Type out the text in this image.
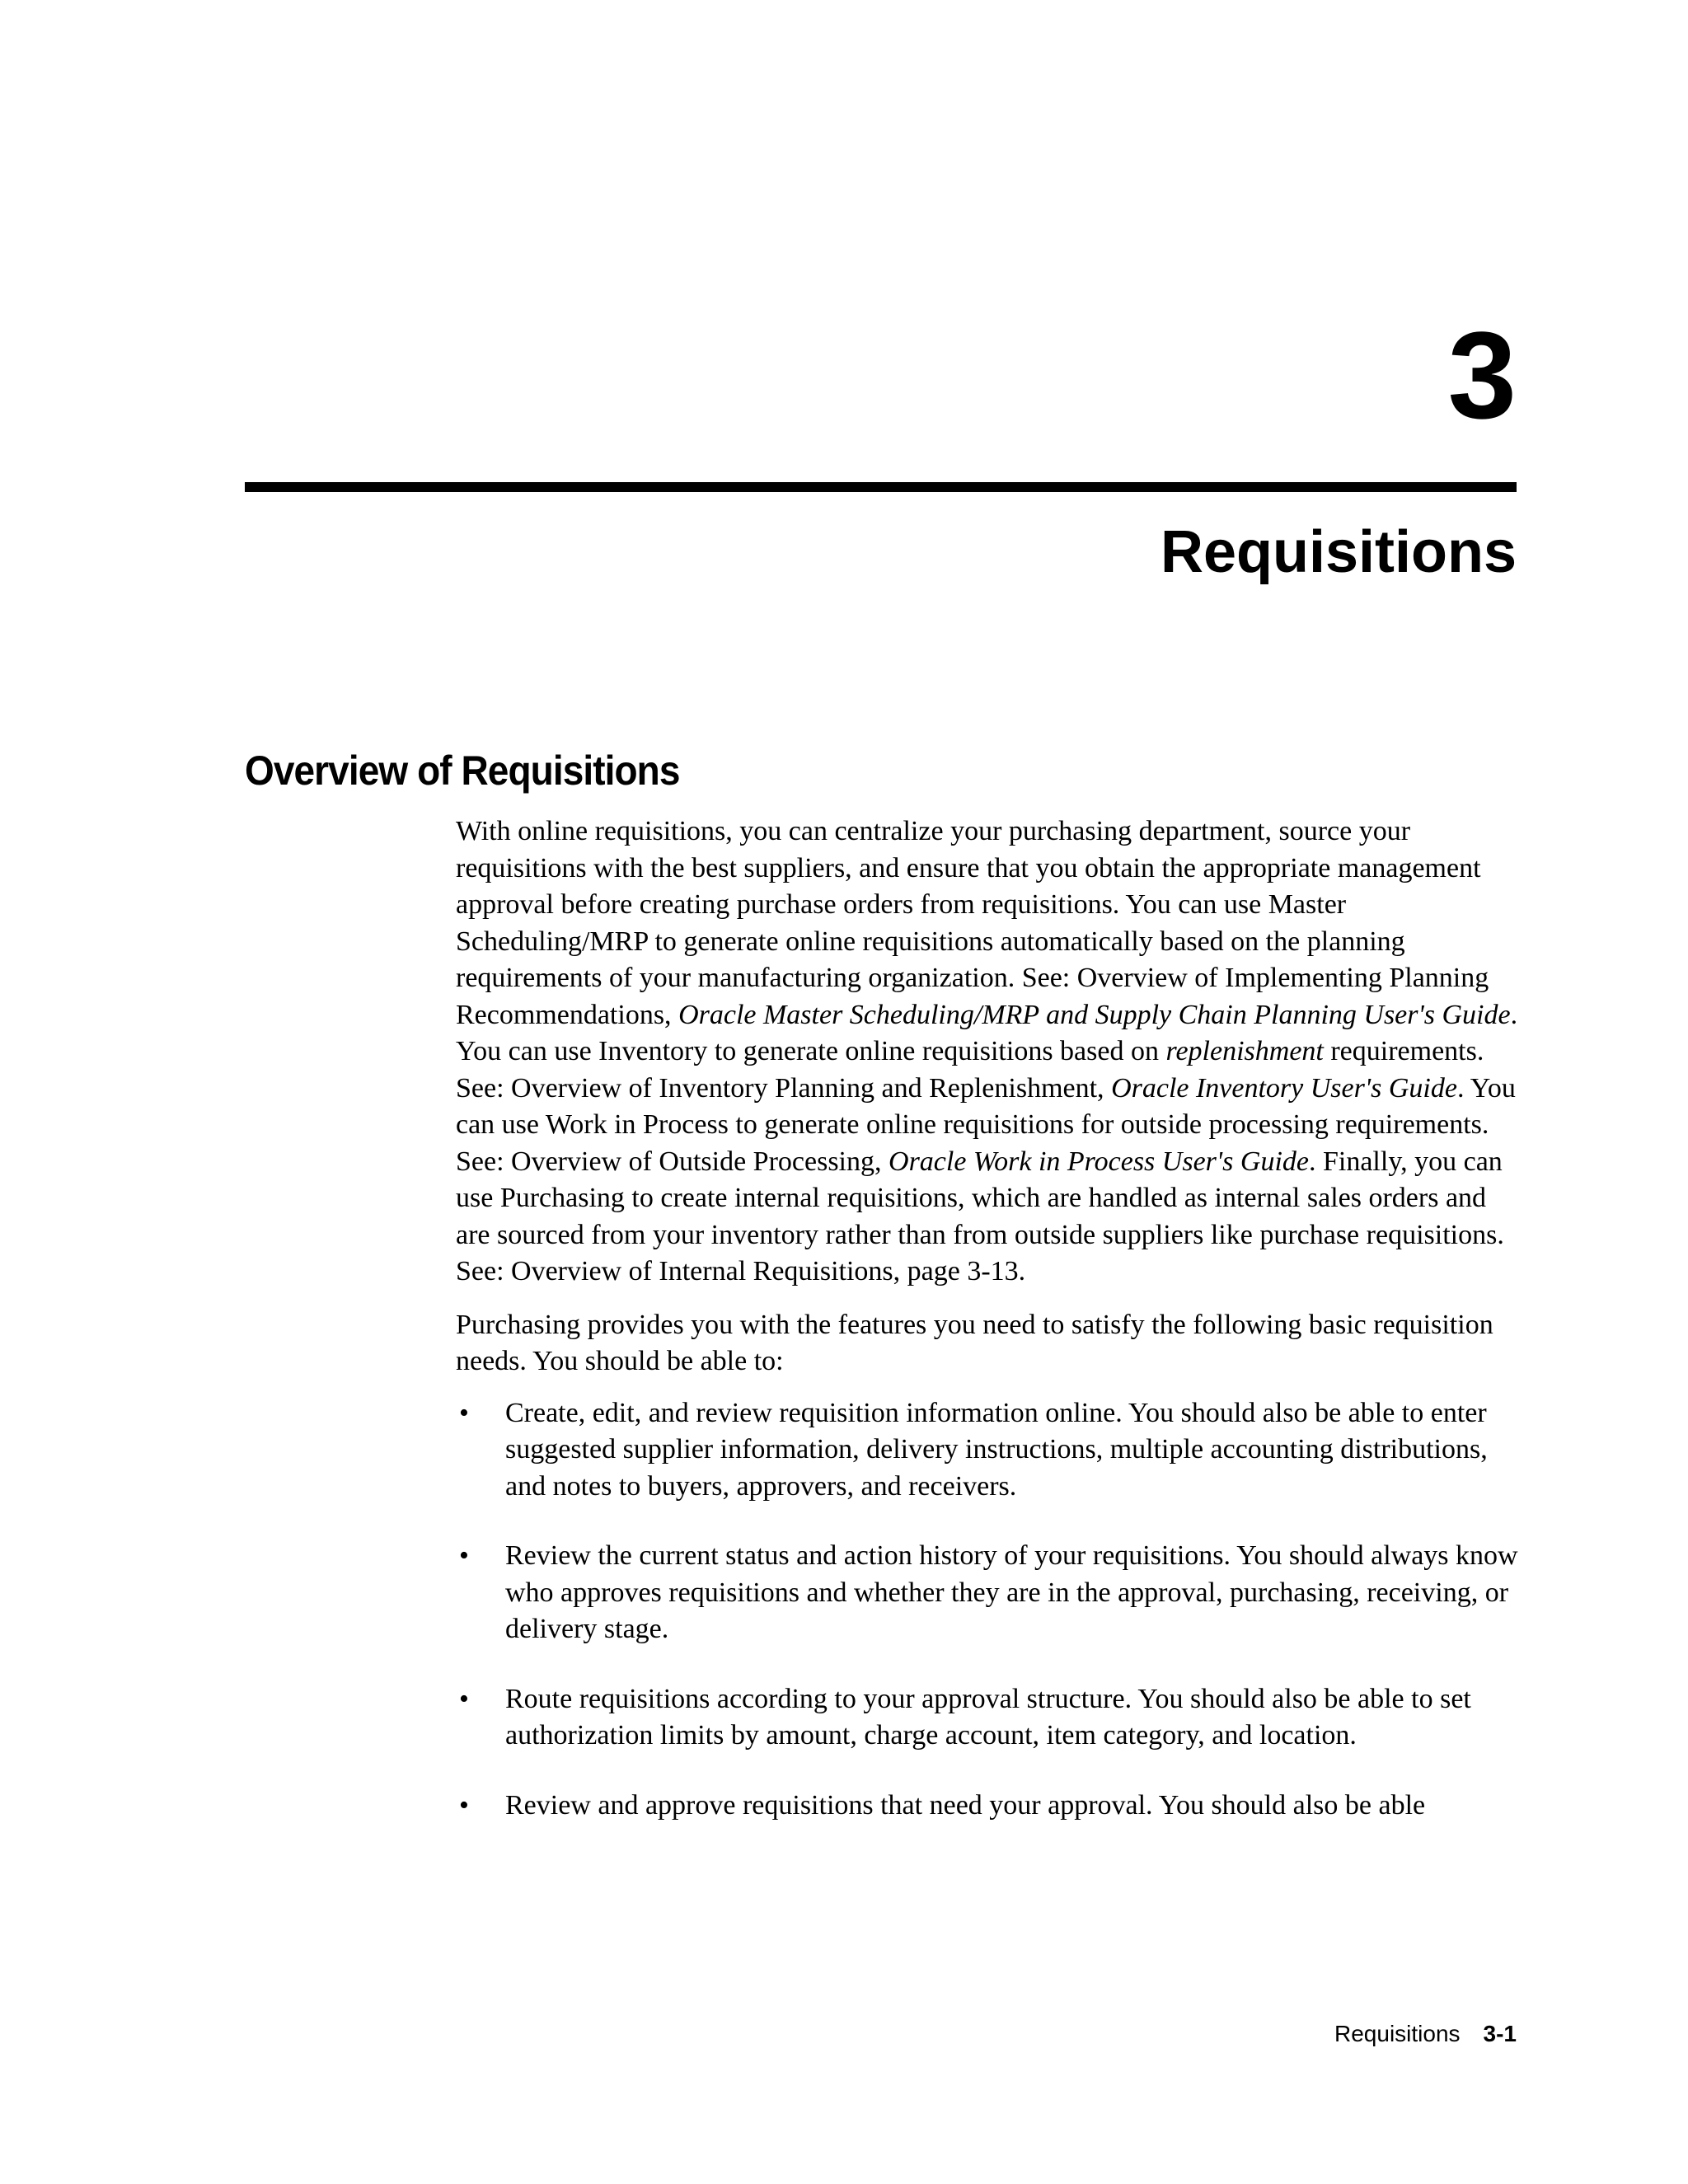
3
Requisitions
Overview of Requisitions

With online requisitions, you can centralize your purchasing department, source your requisitions with the best suppliers, and ensure that you obtain the appropriate management approval before creating purchase orders from requisitions. You can use Master Scheduling/MRP to generate online requisitions automatically based on the planning requirements of your manufacturing organization. See: Overview of Implementing Planning Recommendations, Oracle Master Scheduling/MRP and Supply Chain Planning User's Guide. You can use Inventory to generate online requisitions based on replenishment requirements. See: Overview of Inventory Planning and Replenishment, Oracle Inventory User's Guide. You can use Work in Process to generate online requisitions for outside processing requirements. See: Overview of Outside Processing, Oracle Work in Process User's Guide. Finally, you can use Purchasing to create internal requisitions, which are handled as internal sales orders and are sourced from your inventory rather than from outside suppliers like purchase requisitions. See: Overview of Internal Requisitions, page 3-13.

Purchasing provides you with the features you need to satisfy the following basic requisition needs. You should be able to:

• Create, edit, and review requisition information online. You should also be able to enter suggested supplier information, delivery instructions, multiple accounting distributions, and notes to buyers, approvers, and receivers.
• Review the current status and action history of your requisitions. You should always know who approves requisitions and whether they are in the approval, purchasing, receiving, or delivery stage.
• Route requisitions according to your approval structure. You should also be able to set authorization limits by amount, charge account, item category, and location.
• Review and approve requisitions that need your approval. You should also be able
Requisitions 3-1
